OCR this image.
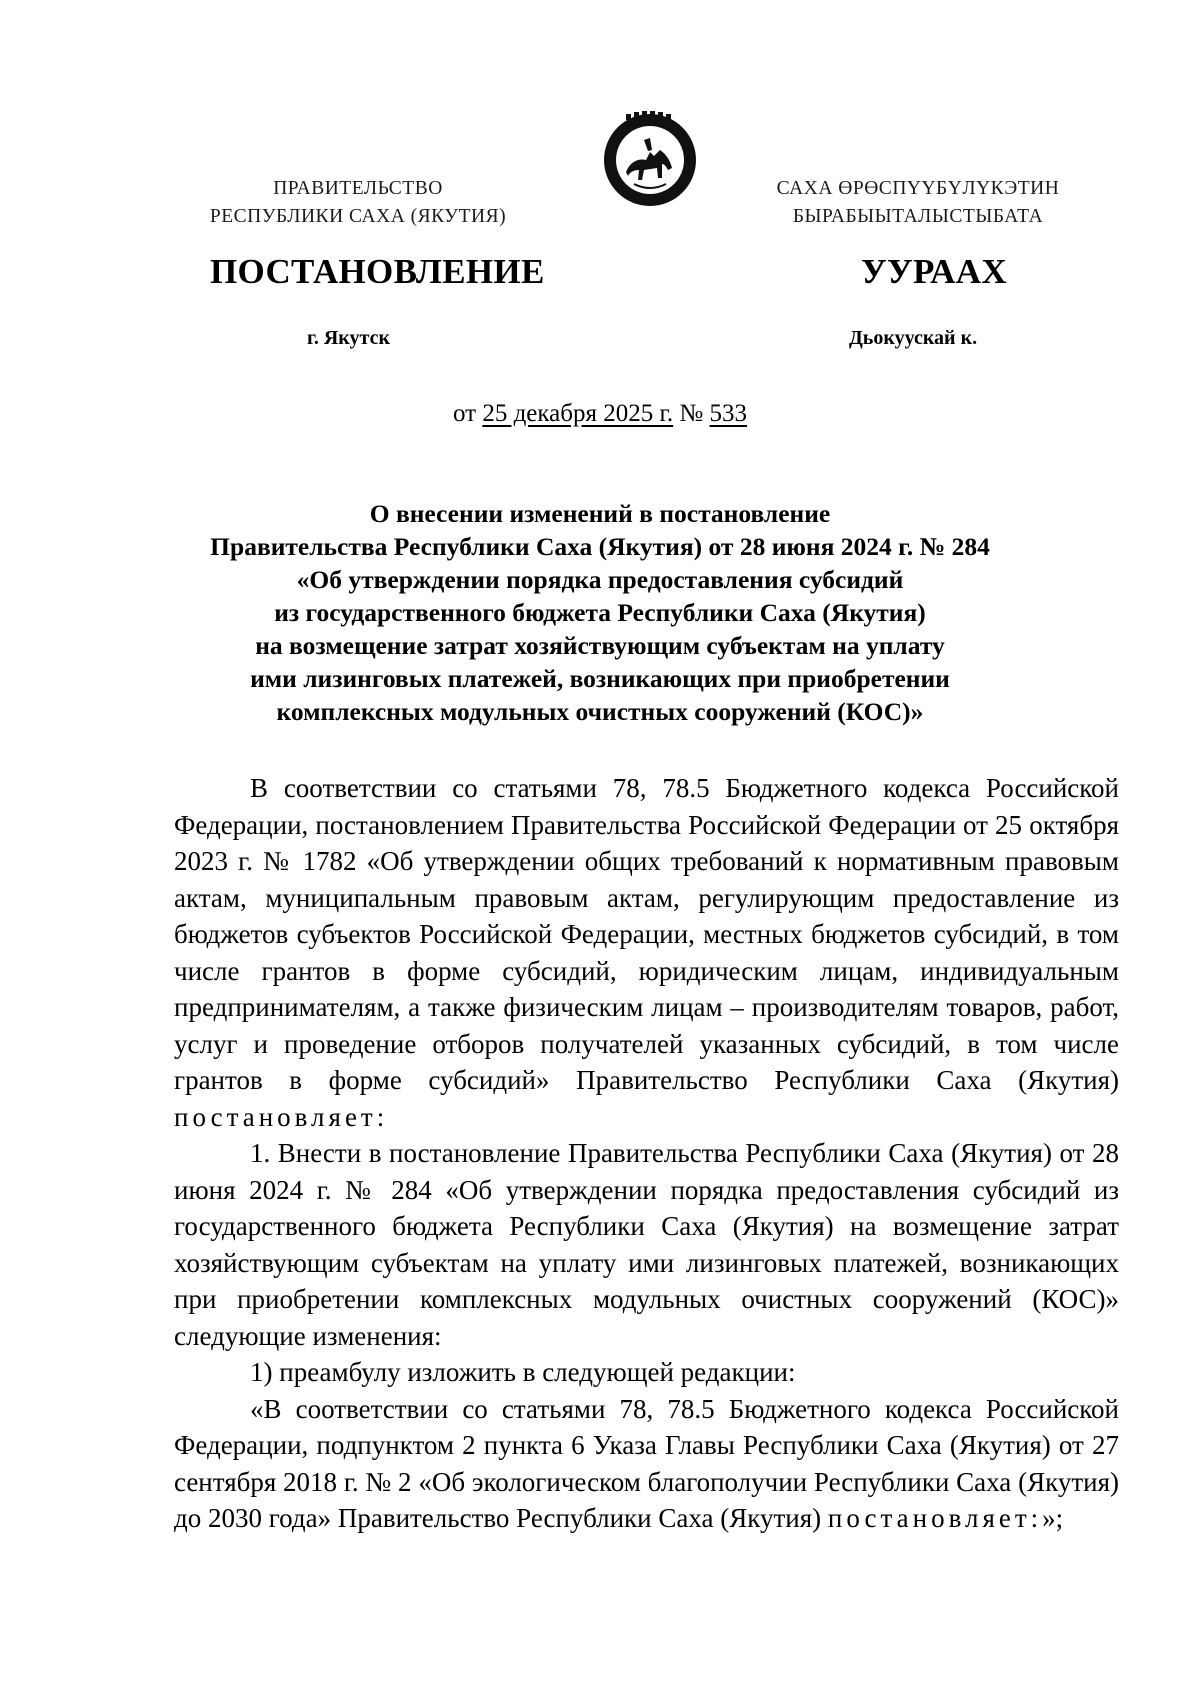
ПРАВИТЕЛЬСТВО
РЕСПУБЛИКИ САХА (ЯКУТИЯ)
САХА ӨРӨСПҮҮБҮЛҮКЭТИН
БЫРАБЫЫТАЛЫСТЫБАТА
ПОСТАНОВЛЕНИЕ	УУРААХ
г. Якутск	Дьокуускай к.
от 25 декабря 2025 г. № 533
О внесении изменений в постановление
Правительства Республики Саха (Якутия) от 28 июня 2024 г. № 284
«Об утверждении порядка предоставления субсидий
из государственного бюджета Республики Саха (Якутия)
на возмещение затрат хозяйствующим субъектам на уплату
ими лизинговых платежей, возникающих при приобретении
комплексных модульных очистных сооружений (КОС)»

В соответствии со статьями 78, 78.5 Бюджетного кодекса Российской Федерации, постановлением Правительства Российской Федерации от 25 октября 2023 г. № 1782 «Об утверждении общих требований к нормативным правовым актам, муниципальным правовым актам, регулирующим предоставление из бюджетов субъектов Российской Федерации, местных бюджетов субсидий, в том числе грантов в форме субсидий, юридическим лицам, индивидуальным предпринимателям, а также физическим лицам – производителям товаров, работ, услуг и проведение отборов получателей указанных субсидий, в том числе грантов в форме субсидий» Правительство Республики Саха (Якутия) постановляет:

1. Внести в постановление Правительства Республики Саха (Якутия) от 28 июня 2024 г. № 284 «Об утверждении порядка предоставления субсидий из государственного бюджета Республики Саха (Якутия) на возмещение затрат хозяйствующим субъектам на уплату ими лизинговых платежей, возникающих при приобретении комплексных модульных очистных сооружений (КОС)» следующие изменения:

1) преамбулу изложить в следующей редакции:

«В соответствии со статьями 78, 78.5 Бюджетного кодекса Российской Федерации, подпунктом 2 пункта 6 Указа Главы Республики Саха (Якутия) от 27 сентября 2018 г. № 2 «Об экологическом благополучии Республики Саха (Якутия) до 2030 года» Правительство Республики Саха (Якутия) постановляет:»;
